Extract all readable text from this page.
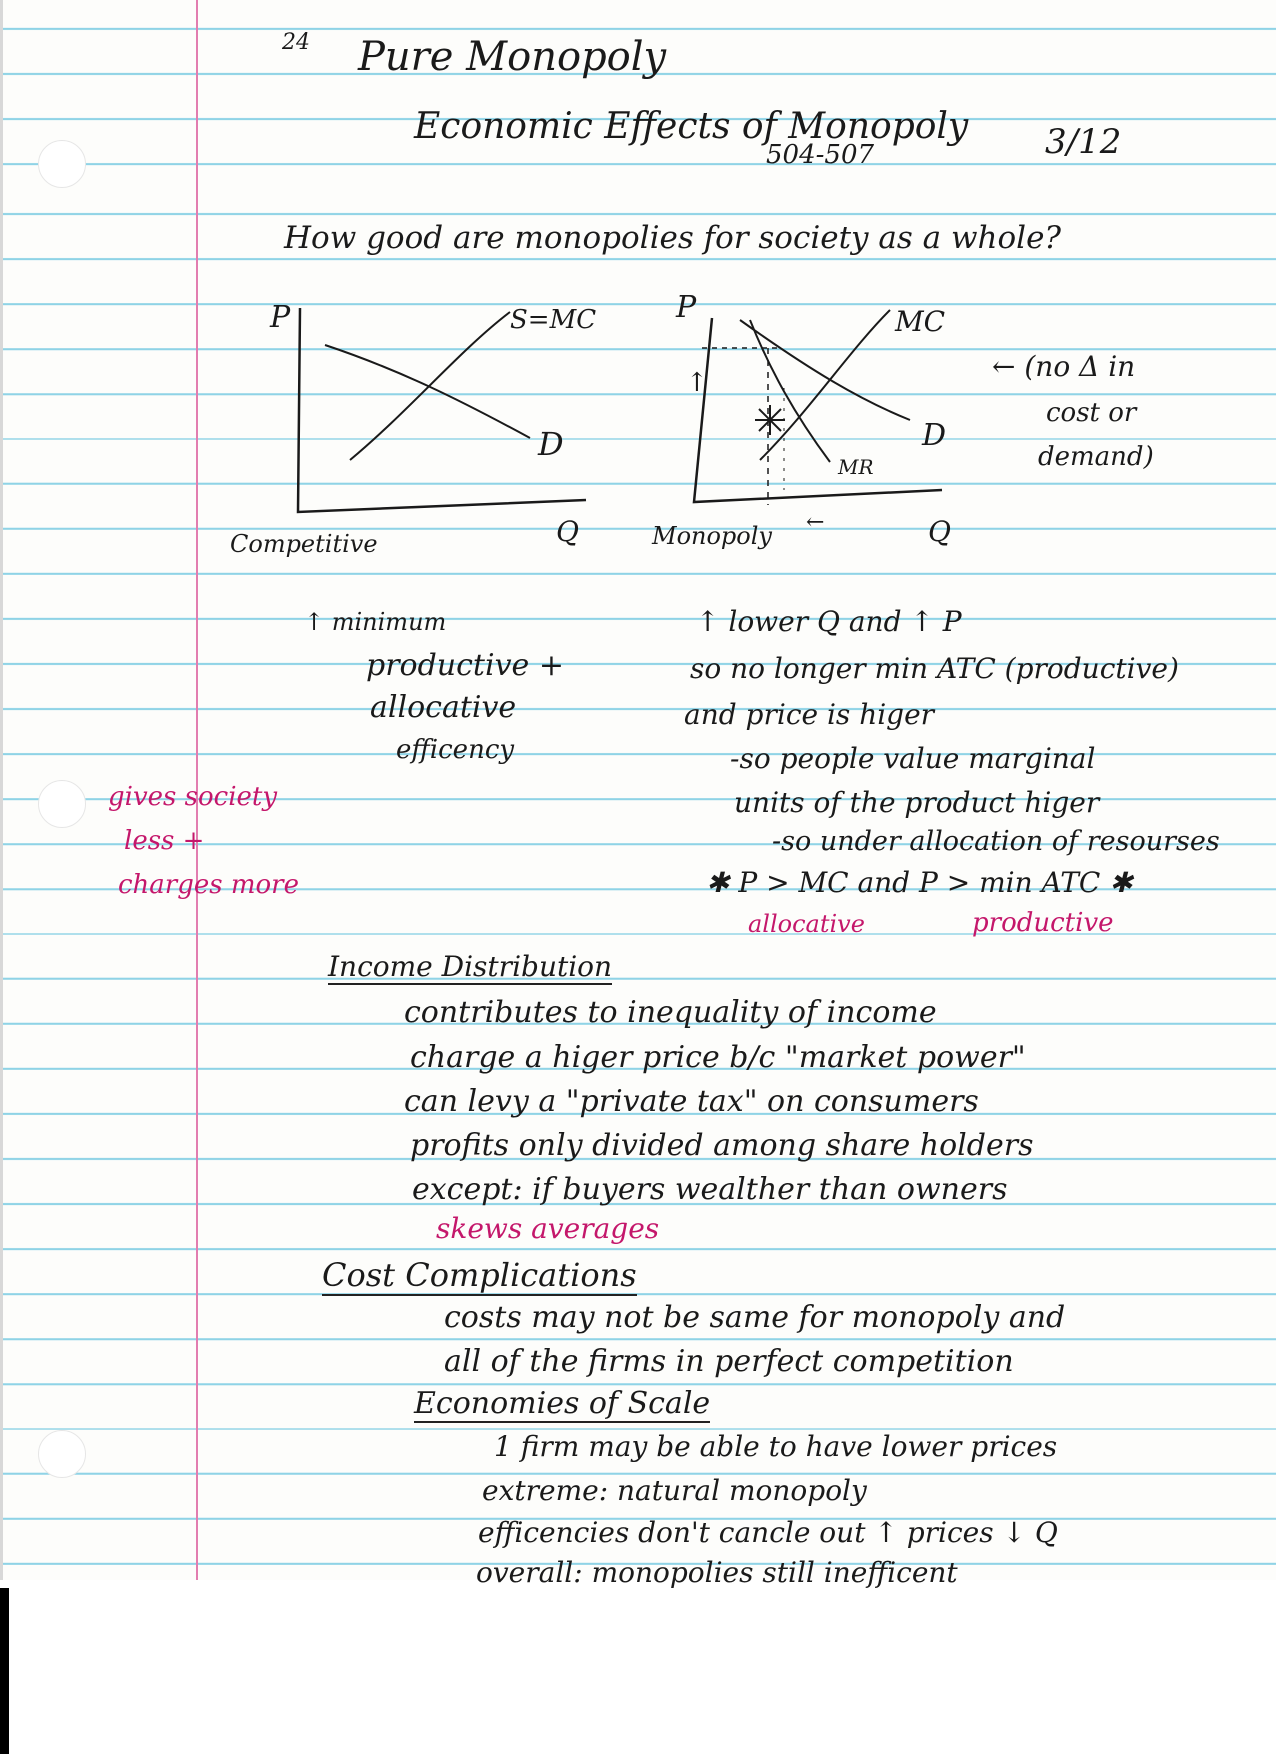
24 Pure Monopoly
Economic Effects of Monopoly
504-507	3/12
How good are monopolies for society as a whole?
P	S=MC
D
Q
Competitive
P
↑
MC
D
MR
←	Q
Monopoly
← (no Δ in
cost or
demand)
↑ minimum
productive +
allocative
efficency
↑ lower Q and ↑ P
so no longer min ATC (productive)
and price is higer
-so people value marginal
units of the product higer
-so under allocation of resourses
✱ P > MC and P > min ATC ✱
allocative	productive
gives society
less +
charges more
Income Distribution
contributes to inequality of income
charge a higer price b/c "market power"
can levy a "private tax" on consumers
profits only divided among share holders
except: if buyers wealther than owners
skews averages
Cost Complications
costs may not be same for monopoly and
all of the firms in perfect competition
Economies of Scale
1 firm may be able to have lower prices
extreme: natural monopoly
efficencies don't cancle out ↑ prices ↓ Q
overall: monopolies still inefficent
